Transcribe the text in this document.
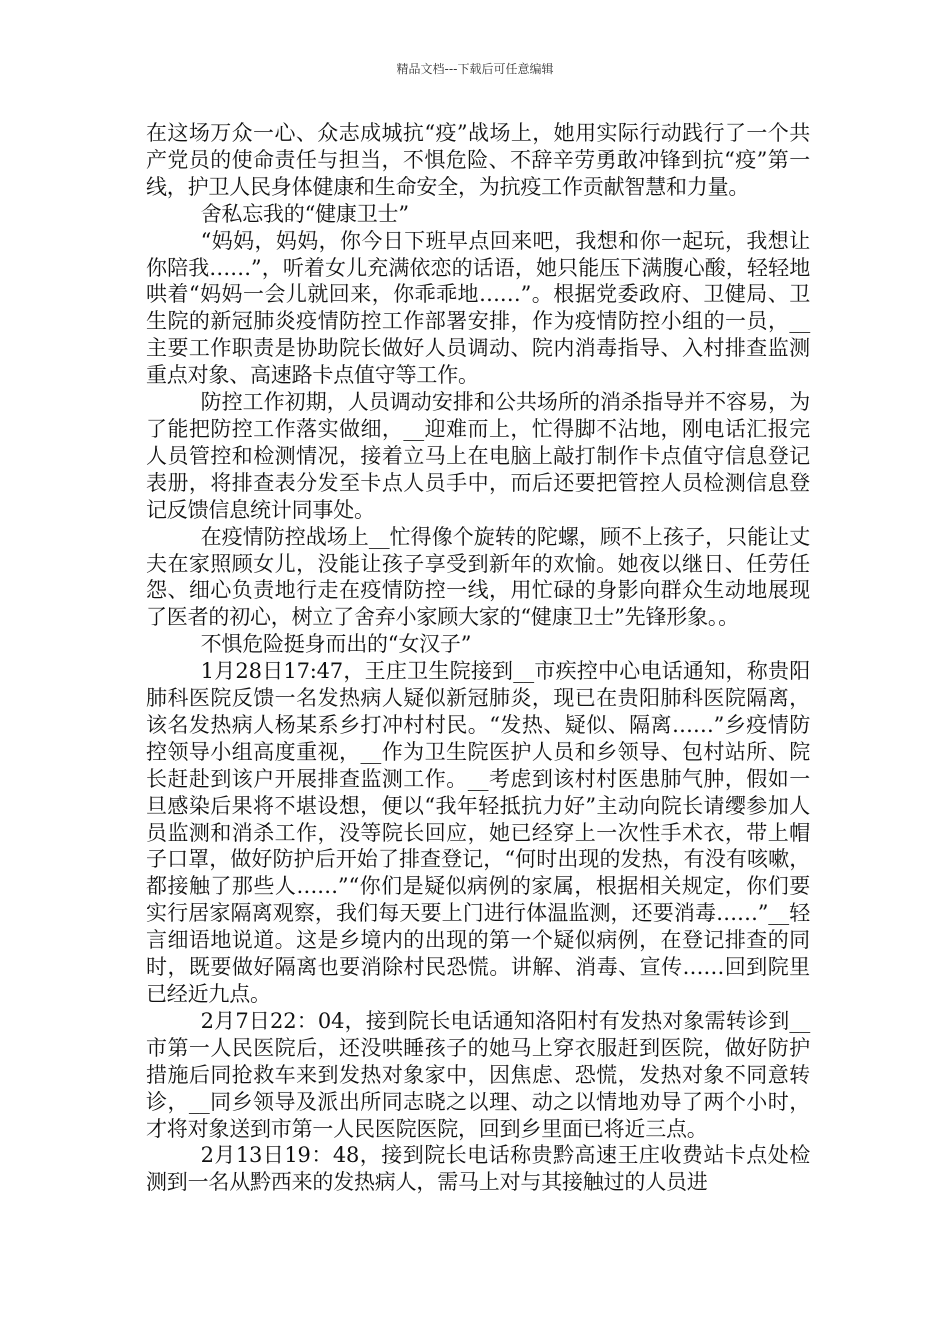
精品文档---下载后可任意编辑

在这场万众一心、众志成城抗“疫”战场上，她用实际行动践行了一个共产党员的使命责任与担当，不惧危险、不辞辛劳勇敢冲锋到抗“疫”第一线，护卫人民身体健康和生命安全，为抗疫工作贡献智慧和力量。

舍私忘我的“健康卫士”

“妈妈，妈妈，你今日下班早点回来吧，我想和你一起玩，我想让你陪我……”，听着女儿充满依恋的话语，她只能压下满腹心酸，轻轻地哄着“妈妈一会儿就回来，你乖乖地……”。根据党委政府、卫健局、卫生院的新冠肺炎疫情防控工作部署安排，作为疫情防控小组的一员，__主要工作职责是协助院长做好人员调动、院内消毒指导、入村排查监测重点对象、高速路卡点值守等工作。

防控工作初期，人员调动安排和公共场所的消杀指导并不容易，为了能把防控工作落实做细，__迎难而上，忙得脚不沾地，刚电话汇报完人员管控和检测情况，接着立马上在电脑上敲打制作卡点值守信息登记表册，将排查表分发至卡点人员手中，而后还要把管控人员检测信息登记反馈信息统计同事处。

在疫情防控战场上__忙得像个旋转的陀螺，顾不上孩子，只能让丈夫在家照顾女儿，没能让孩子享受到新年的欢愉。她夜以继日、任劳任怨、细心负责地行走在疫情防控一线，用忙碌的身影向群众生动地展现了医者的初心，树立了舍弃小家顾大家的“健康卫士”先锋形象。。

不惧危险挺身而出的“女汉子”

1月28日17:47，王庄卫生院接到__市疾控中心电话通知，称贵阳肺科医院反馈一名发热病人疑似新冠肺炎，现已在贵阳肺科医院隔离，该名发热病人杨某系乡打冲村村民。“发热、疑似、隔离……”乡疫情防控领导小组高度重视，__作为卫生院医护人员和乡领导、包村站所、院长赶赴到该户开展排查监测工作。__考虑到该村村医患肺气肿，假如一旦感染后果将不堪设想，便以“我年轻抵抗力好”主动向院长请缨参加人员监测和消杀工作，没等院长回应，她已经穿上一次性手术衣，带上帽子口罩，做好防护后开始了排查登记，“何时出现的发热，有没有咳嗽，都接触了那些人……”“你们是疑似病例的家属，根据相关规定，你们要实行居家隔离观察，我们每天要上门进行体温监测，还要消毒……”__轻言细语地说道。这是乡境内的出现的第一个疑似病例，在登记排查的同时，既要做好隔离也要消除村民恐慌。讲解、消毒、宣传……回到院里已经近九点。

2月7日22：04，接到院长电话通知洛阳村有发热对象需转诊到__市第一人民医院后，还没哄睡孩子的她马上穿衣服赶到医院，做好防护措施后同抢救车来到发热对象家中，因焦虑、恐慌，发热对象不同意转诊，__同乡领导及派出所同志晓之以理、动之以情地劝导了两个小时，才将对象送到市第一人民医院医院，回到乡里面已将近三点。

2月13日19：48，接到院长电话称贵黔高速王庄收费站卡点处检测到一名从黔西来的发热病人，需马上对与其接触过的人员进
